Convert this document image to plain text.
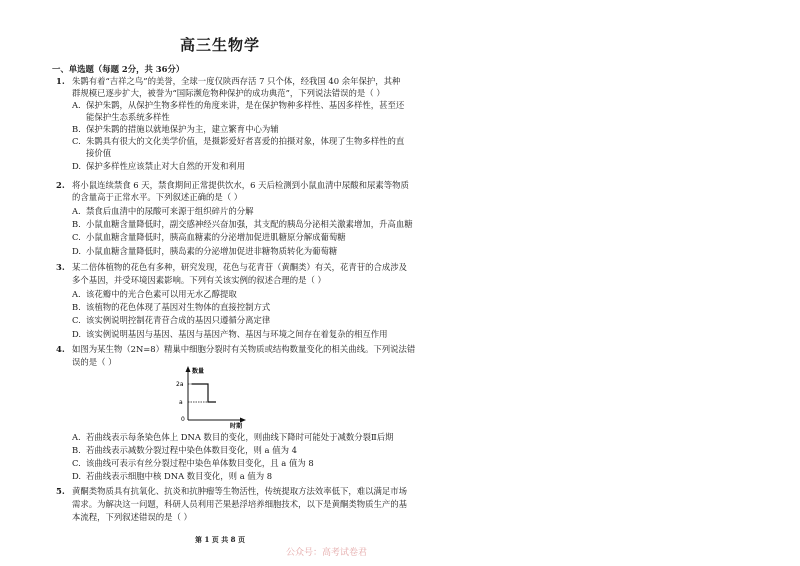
高三生物学
一、单选题（每题 2分，共 36分）
1. 朱鹮有着“吉祥之鸟”的美誉，全球一度仅陕西存活 7 只个体，经我国 40 余年保护，其种
群规模已逐步扩大，被誉为“国际濒危物种保护的成功典范”，下列说法错误的是（ ）
A. 保护朱鹮，从保护生物多样性的角度来讲，是在保护物种多样性、基因多样性，甚至还
能保护生态系统多样性
B. 保护朱鹮的措施以就地保护为主，建立繁育中心为辅
C. 朱鹮具有很大的文化美学价值，是摄影爱好者喜爱的拍摄对象，体现了生物多样性的直
接价值
D. 保护多样性应该禁止对大自然的开发和利用
2. 将小鼠连续禁食 6 天，禁食期间正常提供饮水，6 天后检测到小鼠血清中尿酸和尿素等物质
的含量高于正常水平。下列叙述正确的是（ ）
A. 禁食后血清中的尿酸可来源于组织碎片的分解
B. 小鼠血糖含量降低时，副交感神经兴奋加强，其支配的胰岛分泌相关激素增加，升高血糖
C. 小鼠血糖含量降低时，胰高血糖素的分泌增加促进肌糖原分解成葡萄糖
D. 小鼠血糖含量降低时，胰岛素的分泌增加促进非糖物质转化为葡萄糖
3. 某二倍体植物的花色有多种，研究发现，花色与花青苷（黄酮类）有关，花青苷的合成涉及
多个基因，并受环境因素影响。下列有关该实例的叙述合理的是（ ）
A. 该花瓣中的光合色素可以用无水乙醇提取
B. 该植物的花色体现了基因对生物体的直接控制方式
C. 该实例说明控制花青苷合成的基因只遵循分离定律
D. 该实例说明基因与基因、基因与基因产物、基因与环境之间存在着复杂的相互作用
4. 如图为某生物（2N=8）精巢中细胞分裂时有关物质或结构数量变化的相关曲线。下列说法错
误的是（ ）
数量
时期
2a
a
0
A. 若曲线表示每条染色体上 DNA 数目的变化，则曲线下降时可能处于减数分裂Ⅱ后期
B. 若曲线表示减数分裂过程中染色体数目变化，则 a 值为 4
C. 该曲线可表示有丝分裂过程中染色单体数目变化，且 a 值为 8
D. 若曲线表示细胞中核 DNA 数目变化，则 a 值为 8
5. 黄酮类物质具有抗氧化、抗炎和抗肿瘤等生物活性，传统提取方法效率低下，难以满足市场
需求。为解决这一问题，科研人员利用芒果悬浮培养细胞技术，以下是黄酮类物质生产的基
本流程，下列叙述错误的是（ ）
第 1 页 共 8 页
公众号：高考试卷君
